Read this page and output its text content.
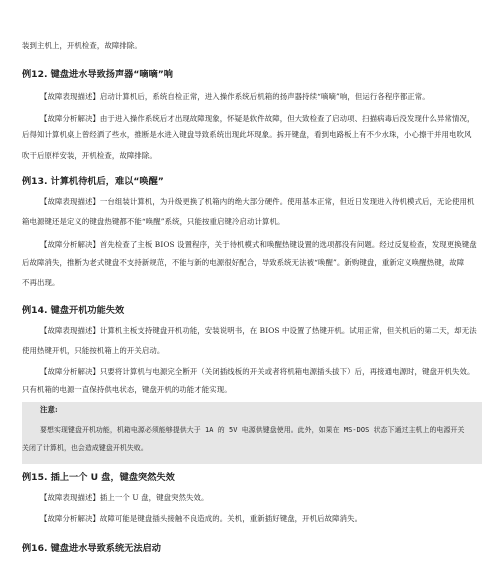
装到主机上，开机检查，故障排除。
例12. 键盘进水导致扬声器“嘀嘀”响
【故障表现描述】启动计算机后，系统自检正常，进入操作系统后机箱的扬声器持续“嘀嘀”响，但运行各程序都正常。
【故障分析解决】由于进入操作系统后才出现故障现象，怀疑是软件故障，但大致检查了启动项、扫描病毒后没发现什么异常情况，
后得知计算机桌上曾经洒了些水，推断是水进入键盘导致系统出现此坏现象。拆开键盘，看到电路板上有不少水珠，小心擦干并用电吹风
吹干后原样安装，开机检查，故障排除。
例13. 计算机待机后，难以“唤醒”
【故障表现描述】一台组装计算机，为升级更换了机箱内的绝大部分硬件。使用基本正常，但近日发现进入待机模式后，无论使用机
箱电源键还是定义的键盘热键都不能“唤醒”系统，只能按重启键冷启动计算机。
【故障分析解决】首先检查了主板 BIOS 设置程序，关于待机模式和唤醒热键设置的选项都没有问题。经过反复检查，发现更换键盘
后故障消失，推断为老式键盘不支持新规范，不能与新的电源很好配合，导致系统无法被“唤醒”。新购键盘，重新定义唤醒热键，故障
不再出现。
例14. 键盘开机功能失效
【故障表现描述】计算机主板支持键盘开机功能，安装说明书，在 BIOS 中设置了热键开机。试用正常，但关机后的第二天，却无法
使用热键开机，只能按机箱上的开关启动。
【故障分析解决】只要将计算机与电源完全断开（关闭插线板的开关或者将机箱电源插头拔下）后，再接通电源时，键盘开机失效。
只有机箱的电源一直保持供电状态，键盘开机的功能才能实现。
注意:
要想实现键盘开机功能，机箱电源必须能够提供大于 1A 的 5V 电源供键盘使用。此外，如果在 MS-DOS 状态下通过主机上的电源开关
关闭了计算机，也会造成键盘开机失败。
例15. 插上一个 U 盘，键盘突然失效
【故障表现描述】插上一个 U 盘，键盘突然失效。
【故障分析解决】故障可能是键盘插头接触不良造成的。关机，重新插好键盘，开机后故障消失。
例16. 键盘进水导致系统无法启动
